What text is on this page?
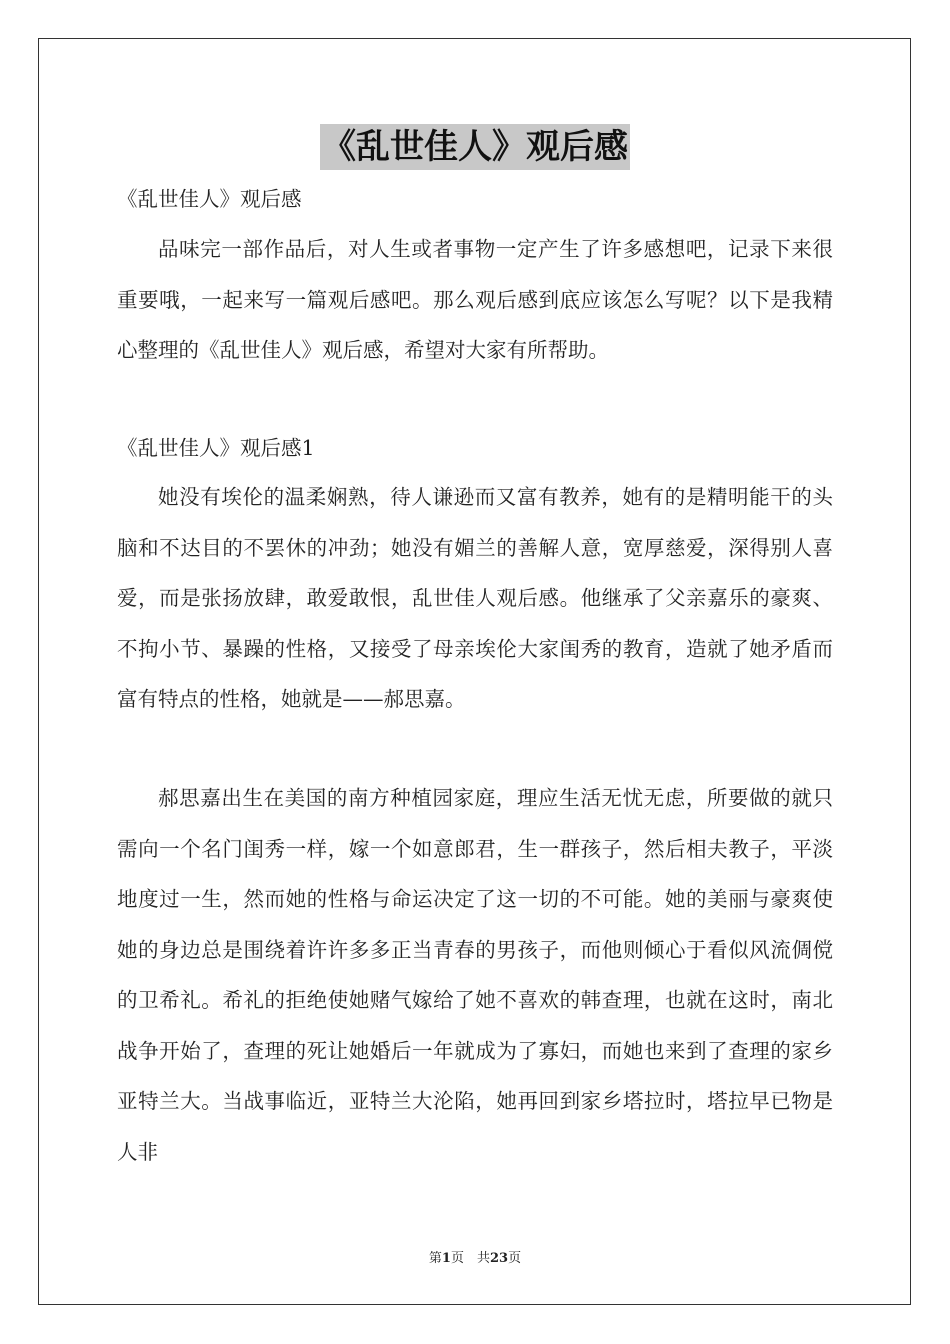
《乱世佳人》观后感

《乱世佳人》观后感

品味完一部作品后，对人生或者事物一定产生了许多感想吧，记录下来很重要哦，一起来写一篇观后感吧。那么观后感到底应该怎么写呢？以下是我精心整理的《乱世佳人》观后感，希望对大家有所帮助。

《乱世佳人》观后感1

她没有埃伦的温柔娴熟，待人谦逊而又富有教养，她有的是精明能干的头脑和不达目的不罢休的冲劲；她没有媚兰的善解人意，宽厚慈爱，深得别人喜爱，而是张扬放肆，敢爱敢恨，乱世佳人观后感。他继承了父亲嘉乐的豪爽、不拘小节、暴躁的性格，又接受了母亲埃伦大家闺秀的教育，造就了她矛盾而富有特点的性格，她就是——郝思嘉。

郝思嘉出生在美国的南方种植园家庭，理应生活无忧无虑，所要做的就只需向一个名门闺秀一样，嫁一个如意郎君，生一群孩子，然后相夫教子，平淡地度过一生，然而她的性格与命运决定了这一切的不可能。她的美丽与豪爽使她的身边总是围绕着许许多多正当青春的男孩子，而他则倾心于看似风流倜傥的卫希礼。希礼的拒绝使她赌气嫁给了她不喜欢的韩查理，也就在这时，南北战争开始了，查理的死让她婚后一年就成为了寡妇，而她也来到了查理的家乡亚特兰大。当战事临近，亚特兰大沦陷，她再回到家乡塔拉时，塔拉早已物是人非

第1页　共23页
